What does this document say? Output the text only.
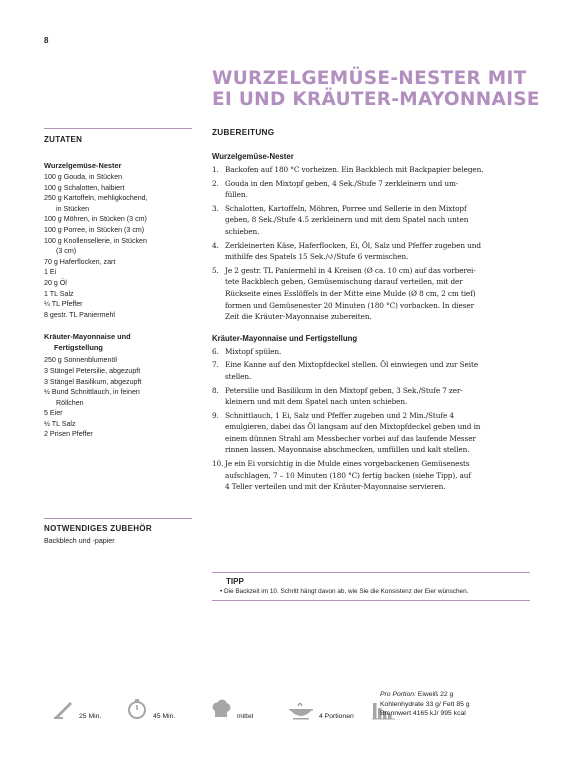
8
WURZELGEMÜSE-NESTER MIT
EI UND KRÄUTER-MAYONNAISE
ZUTATEN
Wurzelgemüse-Nester
100 g Gouda, in Stücken
100 g Schalotten, halbiert
250 g Kartoffeln, mehligkochend,
in Stücken
100 g Möhren, in Stücken (3 cm)
100 g Porree, in Stücken (3 cm)
100 g Knollensellerie, in Stücken
(3 cm)
70 g Haferflocken, zart
1 Ei
20 g Öl
1 TL Salz
¼ TL Pfeffer
8 gestr. TL Paniermehl
Kräuter-Mayonnaise und
Fertigstellung
250 g Sonnenblumenöl
3 Stängel Petersilie, abgezupft
3 Stängel Basilikum, abgezupft
½ Bund Schnittlauch, in feinen
Röllchen
5 Eier
½ TL Salz
2 Prisen Pfeffer
NOTWENDIGES ZUBEHÖR
Backblech und -papier
ZUBEREITUNG
Wurzelgemüse-Nester
1. Backofen auf 180 °C vorheizen. Ein Backblech mit Backpapier belegen.
2. Gouda in den Mixtopf geben, 4 Sek./Stufe 7 zerkleinern und um-
füllen.
3. Schalotten, Kartoffeln, Möhren, Porree und Sellerie in den Mixtopf
geben, 8 Sek./Stufe 4.5 zerkleinern und mit dem Spatel nach unten
schieben.
4. Zerkleinerten Käse, Haferflocken, Ei, Öl, Salz und Pfeffer zugeben und
mithilfe des Spatels 15 Sek./↺/Stufe 6 vermischen.
5. Je 2 gestr. TL Paniermehl in 4 Kreisen (Ø ca. 10 cm) auf das vorberei-
tete Backblech geben, Gemüsemischung darauf verteilen, mit der
Rückseite eines Esslöffels in der Mitte eine Mulde (Ø 8 cm, 2 cm tief)
formen und Gemüsenester 20 Minuten (180 °C) vorbacken. In dieser
Zeit die Kräuter-Mayonnaise zubereiten.
Kräuter-Mayonnaise und Fertigstellung
6. Mixtopf spülen.
7. Eine Kanne auf den Mixtopfdeckel stellen. Öl einwiegen und zur Seite
stellen.
8. Petersilie und Basilikum in den Mixtopf geben, 3 Sek./Stufe 7 zer-
kleinern und mit dem Spatel nach unten schieben.
9. Schnittlauch, 1 Ei, Salz und Pfeffer zugeben und 2 Min./Stufe 4
emulgieren, dabei das Öl langsam auf den Mixtopfdeckel geben und in
einem dünnen Strahl am Messbecher vorbei auf das laufende Messer
rinnen lassen. Mayonnaise abschmecken, umfüllen und kalt stellen.
10. Je ein Ei vorsichtig in die Mulde eines vorgebackenen Gemüsenests
aufschlagen, 7 – 10 Minuten (180 °C) fertig backen (siehe Tipp), auf
4 Teller verteilen und mit der Kräuter-Mayonnaise servieren.
TIPP
• Die Backzeit im 10. Schritt hängt davon ab, wie Sie die Konsistenz der Eier wünschen.
25 Min.	45 Min.	mittel	4 Portionen
Pro Portion: Eiweiß 22 g
Kohlenhydrate 33 g/ Fett 85 g
Brennwert 4165 kJ/ 995 kcal
